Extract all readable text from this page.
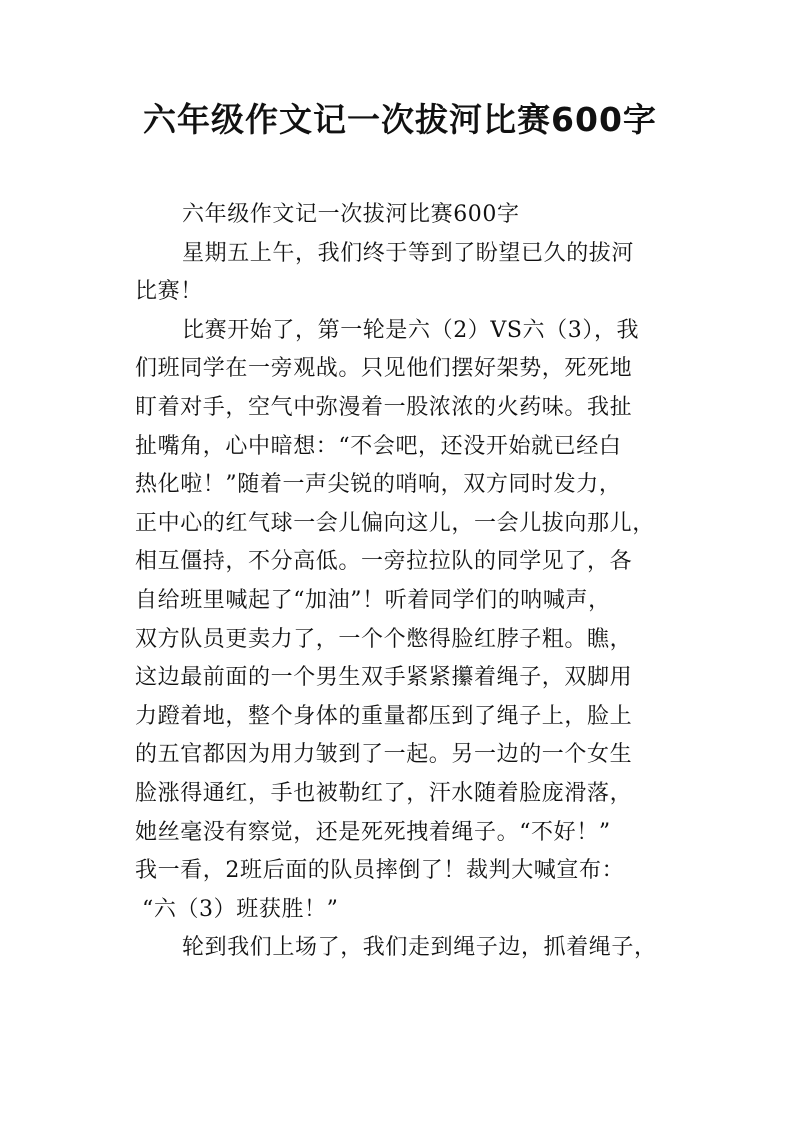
六年级作文记一次拔河比赛600字
六年级作文记一次拔河比赛600字
星期五上午，我们终于等到了盼望已久的拔河
比赛！
比赛开始了，第一轮是六（2）VS六（3），我
们班同学在一旁观战。只见他们摆好架势，死死地
盯着对手，空气中弥漫着一股浓浓的火药味。我扯
扯嘴角，心中暗想：“不会吧，还没开始就已经白
热化啦！”随着一声尖锐的哨响，双方同时发力，
正中心的红气球一会儿偏向这儿，一会儿拔向那儿，
相互僵持，不分高低。一旁拉拉队的同学见了，各
自给班里喊起了“加油”！听着同学们的呐喊声，
双方队员更卖力了，一个个憋得脸红脖子粗。瞧，
这边最前面的一个男生双手紧紧攥着绳子，双脚用
力蹬着地，整个身体的重量都压到了绳子上，脸上
的五官都因为用力皱到了一起。另一边的一个女生
脸涨得通红，手也被勒红了，汗水随着脸庞滑落，
她丝毫没有察觉，还是死死拽着绳子。“不好！”
我一看，2班后面的队员摔倒了！裁判大喊宣布：
“六（3）班获胜！”
轮到我们上场了，我们走到绳子边，抓着绳子，
